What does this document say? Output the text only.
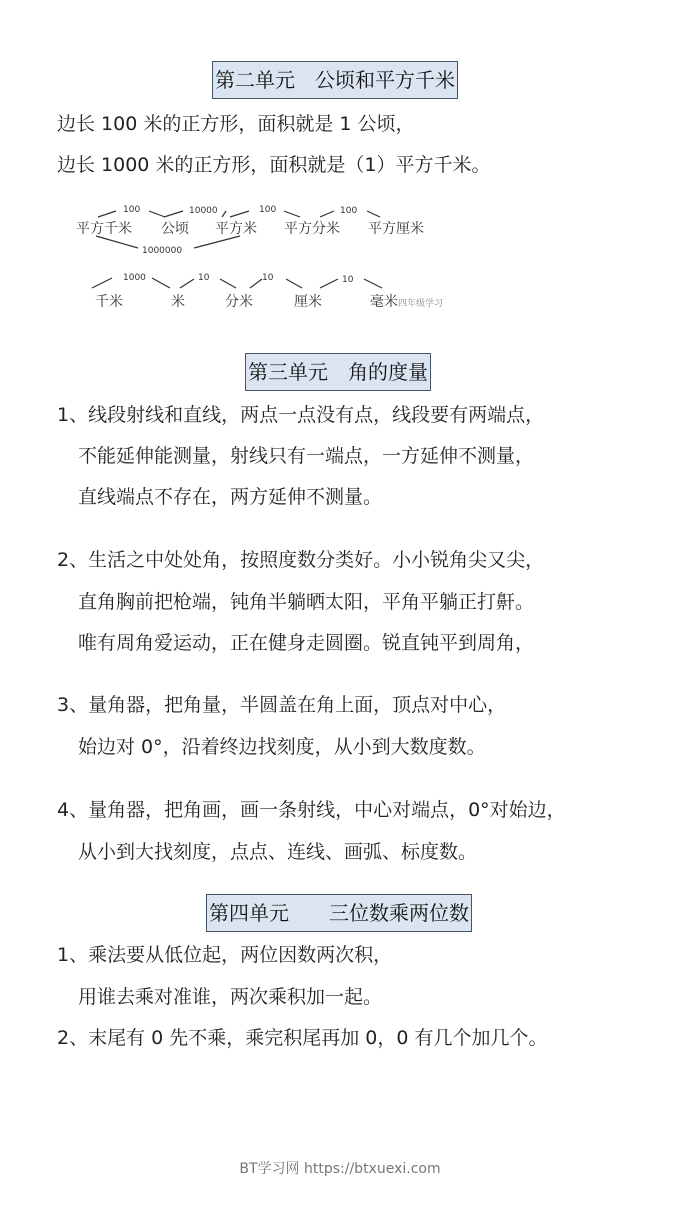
第二单元　公顷和平方千米
边长 100 米的正方形，面积就是 1 公顷，
边长 1000 米的正方形，面积就是（1）平方千米。
100	10000	100	100
1000000
1000	10	10	10
平方千米 公顷 平方米 平方分米 平方厘米
千米	米	分米	厘米	毫米 四年级学习
第三单元　角的度量
1、线段射线和直线，两点一点没有点，线段要有两端点，
不能延伸能测量，射线只有一端点，一方延伸不测量，
直线端点不存在，两方延伸不测量。
2、生活之中处处角，按照度数分类好。小小锐角尖又尖，
直角胸前把枪端，钝角半躺晒太阳，平角平躺正打鼾。
唯有周角爱运动，正在健身走圆圈。锐直钝平到周角，
3、量角器，把角量，半圆盖在角上面，顶点对中心，
始边对 0°，沿着终边找刻度，从小到大数度数。
4、量角器，把角画，画一条射线，中心对端点，0°对始边，
从小到大找刻度，点点、连线、画弧、标度数。
第四单元　　三位数乘两位数
1、乘法要从低位起，两位因数两次积，
用谁去乘对准谁，两次乘积加一起。
2、末尾有 0 先不乘，乘完积尾再加 0，0 有几个加几个。
BT学习网 https://btxuexi.com
